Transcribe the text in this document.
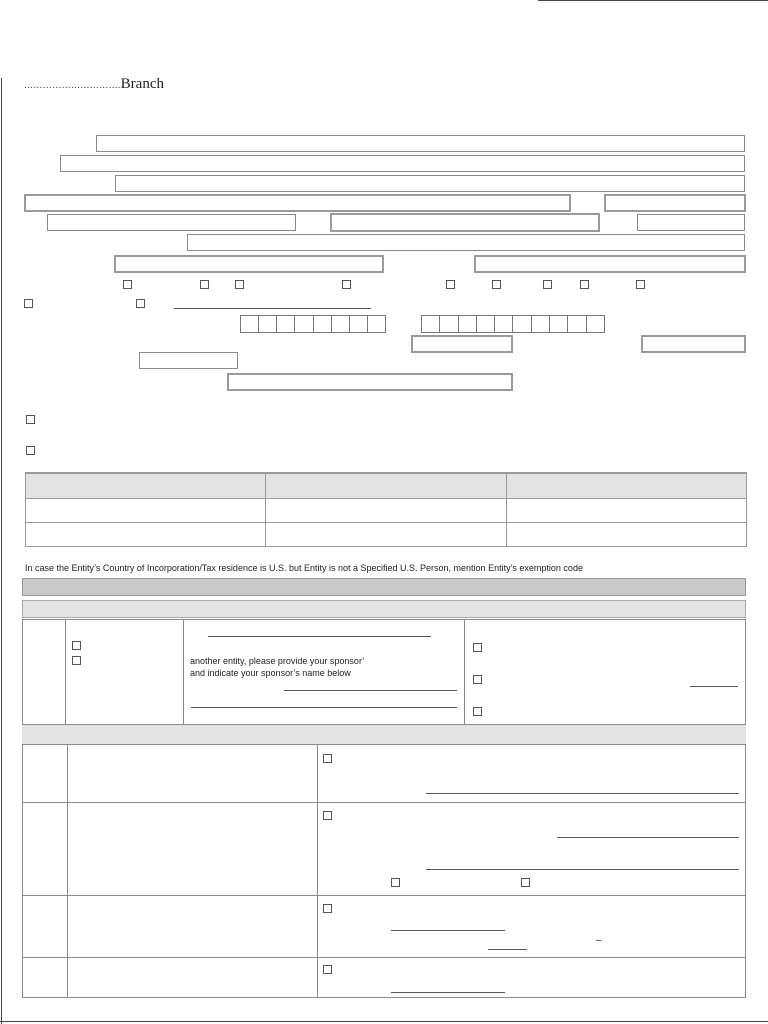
………………………….Branch

In case the Entity’s Country of Incorporation/Tax residence is U.S. but Entity is not a Specified U.S. Person, mention Entity’s exemption code
another entity, please provide your sponsor’
and indicate your sponsor’s name below
–
